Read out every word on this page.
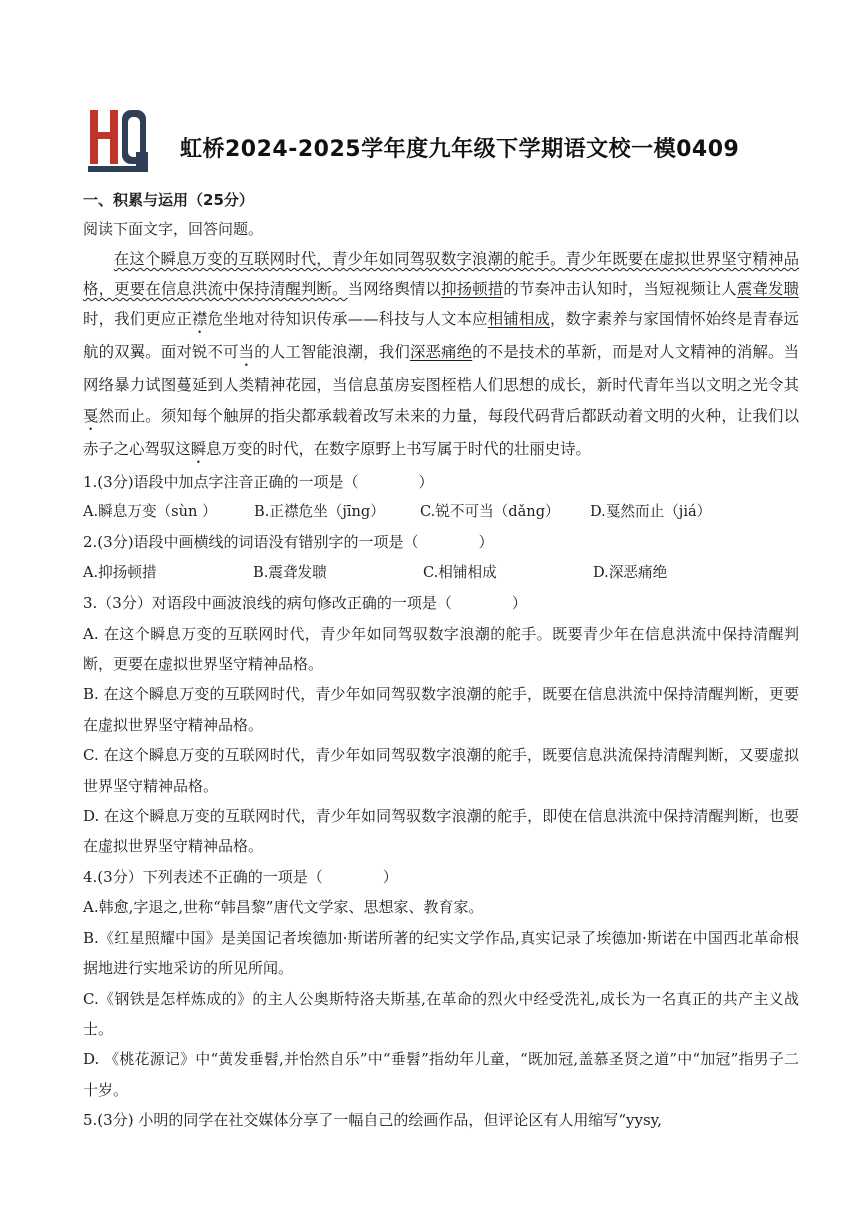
虹桥2024-2025学年度九年级下学期语文校一模0409

一、积累与运用（25分）

阅读下面文字，回答问题。

在这个瞬息万变的互联网时代，青少年如同驾驭数字浪潮的舵手。青少年既要在虚拟世界坚守精神品格，更要在信息洪流中保持清醒判断。当网络舆情以抑扬顿措的节奏冲击认知时，当短视频让人震聋发聩时，我们更应正襟危坐地对待知识传承——科技与人文本应相铺相成，数字素养与家国情怀始终是青春远航的双翼。面对锐不可当的人工智能浪潮，我们深恶痛绝的不是技术的革新，而是对人文精神的消解。当网络暴力试图蔓延到人类精神花园，当信息茧房妄图桎梏人们思想的成长，新时代青年当以文明之光令其戛然而止。须知每个触屏的指尖都承载着改写未来的力量，每段代码背后都跃动着文明的火种，让我们以赤子之心驾驭这瞬息万变的时代，在数字原野上书写属于时代的壮丽史诗。

1.(3分)语段中加点字注音正确的一项是（　　　　）

A.瞬息万变（sùn ）	B.正襟危坐（jīng）	C.锐不可当（dǎng）	D.戛然而止（jiá）

2.(3分)语段中画横线的词语没有错别字的一项是（　　　　）

A.抑扬顿措	B.震聋发聩	C.相铺相成	D.深恶痛绝

3.（3分）对语段中画波浪线的病句修改正确的一项是（　　　　）

A. 在这个瞬息万变的互联网时代，青少年如同驾驭数字浪潮的舵手。既要青少年在信息洪流中保持清醒判断，更要在虚拟世界坚守精神品格。

B. 在这个瞬息万变的互联网时代，青少年如同驾驭数字浪潮的舵手，既要在信息洪流中保持清醒判断，更要在虚拟世界坚守精神品格。

C. 在这个瞬息万变的互联网时代，青少年如同驾驭数字浪潮的舵手，既要信息洪流保持清醒判断，又要虚拟世界坚守精神品格。

D. 在这个瞬息万变的互联网时代，青少年如同驾驭数字浪潮的舵手，即使在信息洪流中保持清醒判断，也要在虚拟世界坚守精神品格。

4.(3分）下列表述不正确的一项是（　　　　）

A.韩愈,字退之,世称“韩昌黎”唐代文学家、思想家、教育家。

B.《红星照耀中国》是美国记者埃德加·斯诺所著的纪实文学作品,真实记录了埃德加·斯诺在中国西北革命根据地进行实地采访的所见所闻。

C.《钢铁是怎样炼成的》的主人公奥斯特洛夫斯基,在革命的烈火中经受洗礼,成长为一名真正的共产主义战士。

D. 《桃花源记》中“黄发垂髫,并怡然自乐”中“垂髫”指幼年儿童，“既加冠,盖慕圣贤之道”中“加冠”指男子二十岁。

5.(3分) 小明的同学在社交媒体分享了一幅自己的绘画作品，但评论区有人用缩写“yysy,
